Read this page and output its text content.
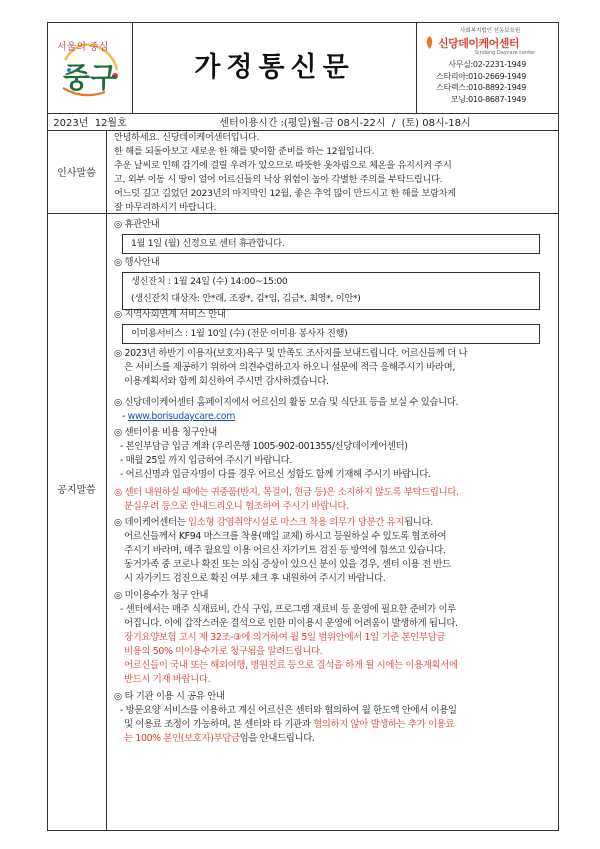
서울의 중심
중구	가정통신문
사회복지법인 선동보육원
신당데이케어센터
Sindang Daycare center
사무실:02-2231-1949
스타리아:010-2669-1949
스타렉스:010-8892-1949
모닝:010-8687-1949
2023년  12월호	센터이용시간 :(평일)월-금 08시-22시  /  (토) 08시-18시
인사말씀
안녕하세요. 신당데이케어센터입니다.
한 해를 되돌아보고 새로운 한 해를 맞이할 준비를 하는 12월입니다.
추운 날씨로 인해 감기에 걸릴 우려가 있으므로 따뜻한 옷차림으로 체온을 유지시켜 주시
고, 외부 이동 시 땅이 얼어 어르신들의 낙상 위험이 높아 각별한 주의를 부탁드립니다.
어느덧 길고 길었던 2023년의 마지막인 12월, 좋은 추억 많이 만드시고 한 해를 보람차게
잘 마무리하시기 바랍니다.
공지말씀
◎ 휴관안내
1월 1일 (월) 신정으로 센터 휴관합니다.
◎ 행사안내
생신잔치 : 1월 24일 (수) 14:00~15:00
(생신잔치 대상자: 안*래, 조광*, 김*임, 김금*, 최영*, 이안*)
◎ 지역사회연계 서비스 안내
이미용서비스 : 1월 10일 (수) (전문 이미용 봉사자 진행)
◎ 2023년 하반기 이용자(보호자)욕구 및 만족도 조사지를 보내드립니다. 어르신들께 더 나
은 서비스를 제공하기 위하여 의견수렴하고자 하오니 설문에 적극 응해주시기 바라며,
이용계획서와 함께 회신하여 주시면 감사하겠습니다.
◎ 신당데이케어센터 홈페이지에서 어르신의 활동 모습 및 식단표 등을 보실 수 있습니다.
- www.borisudaycare.com
◎ 센터이용 비용 청구안내
- 본인부담금 입금 계좌 (우리은행 1005-902-001355/신당데이케어센터)
- 매월 25일 까지 입금하여 주시기 바랍니다.
- 어르신명과 입금자명이 다를 경우 어르신 성함도 함께 기재해 주시기 바랍니다.
◎ 센터 내원하실 때에는 귀중품(반지, 목걸이, 현금 등)은 소지하지 않도록 부탁드립니다.
분실우려 등으로 안내드리오니 협조하여 주시기 바랍니다.
◎ 데이케어센터는 입소형 감염취약시설로 마스크 착용 의무가 당분간 유지됩니다.
어르신들께서 KF94 마스크를 착용(매일 교체) 하시고 등원하실 수 있도록 협조하여
주시기 바라며, 매주 월요일 이용 어르신 자가키트 검진 등 방역에 힘쓰고 있습니다.
동거가족 중 코로나 확진 또는 의심 증상이 있으신 분이 있을 경우, 센터 이용 전 반드
시 자가키드 검진으로 확진 여부 체크 후 내원하여 주시기 바랍니다.
◎ 미이용수가 청구 안내
- 센터에서는 매주 식재료비, 간식 구입, 프로그램 재료비 등 운영에 필요한 준비가 이루
어집니다. 이에 갑작스러운 결석으로 인한 미이용시 운영에 어려움이 발생하게 됩니다.
장기요양보험 고시 제 32조-③에 의거하여 월 5일 범위안에서 1일 기준 본인부담금
비용의 50% 미이용수가로 청구됨을 알려드립니다.
어르신들이 국내 또는 해외여행, 병원진료 등으로 결석을 하게 될 시에는 이용계획서에
반드시 기재 바랍니다.
◎ 타 기관 이용 시 공유 안내
- 방문요양 서비스를 이용하고 계신 어르신은 센터와 협의하여 월 한도액 안에서 이용일
및 이용료 조정이 가능하며, 본 센터와 타 기관과 협의하지 않아 발생하는 추가 이용료
는 100% 본인(보호자)부담금임을 안내드립니다.
